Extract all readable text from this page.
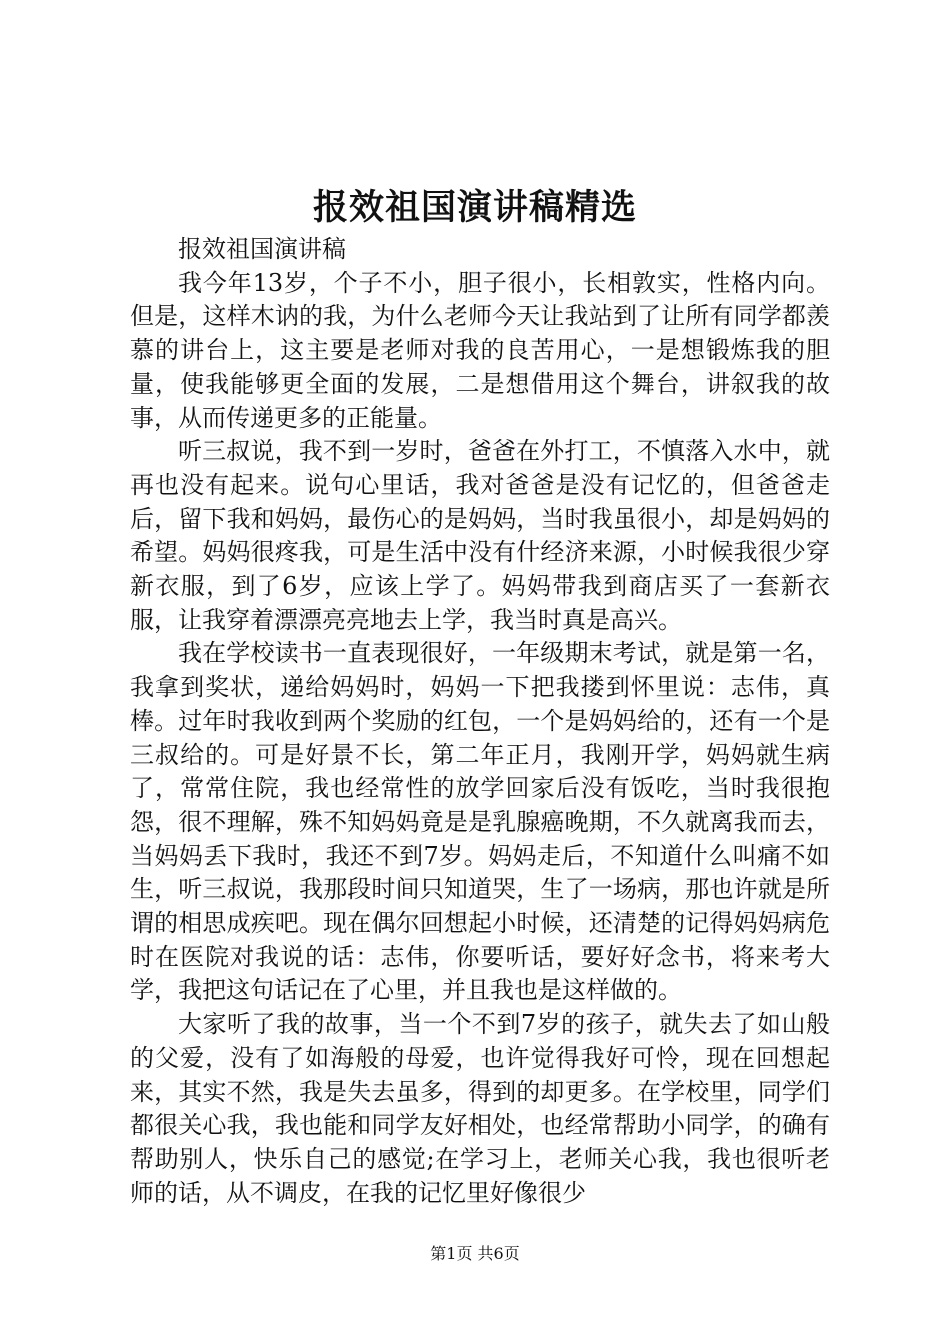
报效祖国演讲稿精选

报效祖国演讲稿

我今年13岁，个子不小，胆子很小，长相敦实，性格内向。但是，这样木讷的我，为什么老师今天让我站到了让所有同学都羡慕的讲台上，这主要是老师对我的良苦用心，一是想锻炼我的胆量，使我能够更全面的发展，二是想借用这个舞台，讲叙我的故事，从而传递更多的正能量。

听三叔说，我不到一岁时，爸爸在外打工，不慎落入水中，就再也没有起来。说句心里话，我对爸爸是没有记忆的，但爸爸走后，留下我和妈妈，最伤心的是妈妈，当时我虽很小，却是妈妈的希望。妈妈很疼我，可是生活中没有什经济来源，小时候我很少穿新衣服，到了6岁，应该上学了。妈妈带我到商店买了一套新衣服，让我穿着漂漂亮亮地去上学，我当时真是高兴。

我在学校读书一直表现很好，一年级期末考试，就是第一名，我拿到奖状，递给妈妈时，妈妈一下把我搂到怀里说：志伟，真棒。过年时我收到两个奖励的红包，一个是妈妈给的，还有一个是三叔给的。可是好景不长，第二年正月，我刚开学，妈妈就生病了，常常住院，我也经常性的放学回家后没有饭吃，当时我很抱怨，很不理解，殊不知妈妈竟是是乳腺癌晚期，不久就离我而去，当妈妈丢下我时，我还不到7岁。妈妈走后，不知道什么叫痛不如生，听三叔说，我那段时间只知道哭，生了一场病，那也许就是所谓的相思成疾吧。现在偶尔回想起小时候，还清楚的记得妈妈病危时在医院对我说的话：志伟，你要听话，要好好念书，将来考大学，我把这句话记在了心里，并且我也是这样做的。

大家听了我的故事，当一个不到7岁的孩子，就失去了如山般的父爱，没有了如海般的母爱，也许觉得我好可怜，现在回想起来，其实不然，我是失去虽多，得到的却更多。在学校里，同学们都很关心我，我也能和同学友好相处，也经常帮助小同学，的确有帮助别人，快乐自己的感觉;在学习上，老师关心我，我也很听老师的话，从不调皮，在我的记忆里好像很少

第1页 共6页
